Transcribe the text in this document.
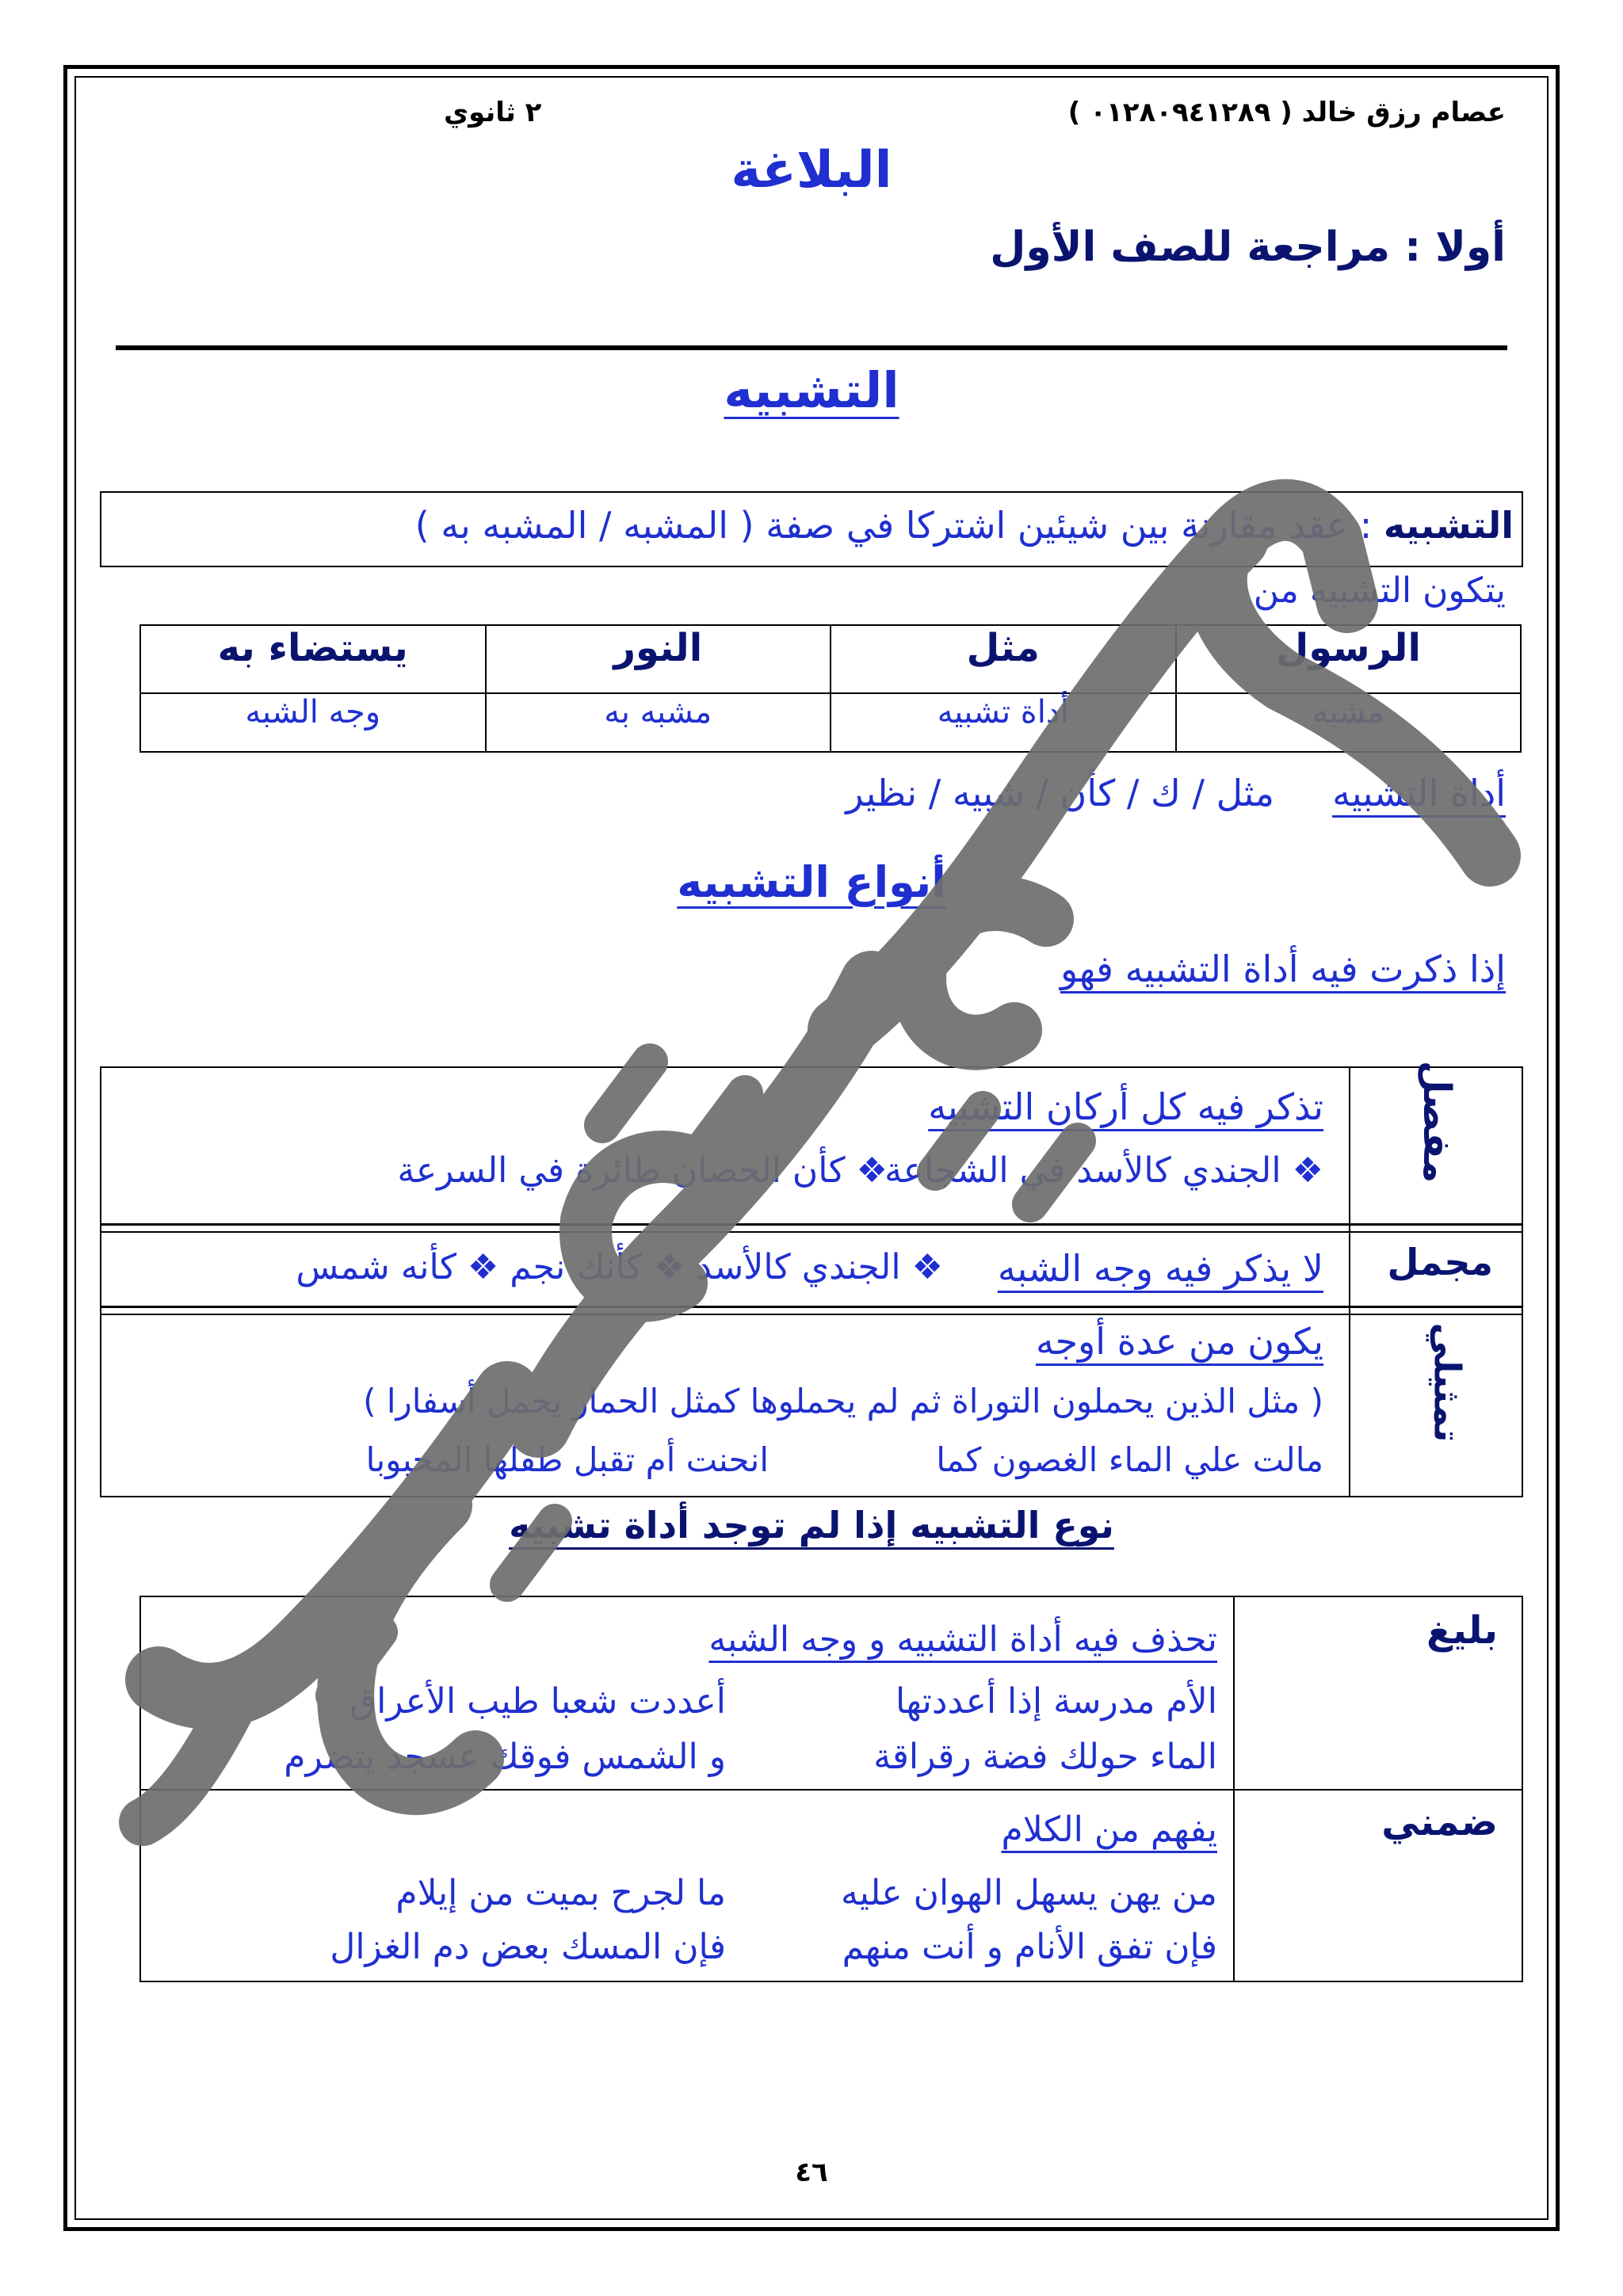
عصام رزق خالد ( ٠١٢٨٠٩٤١٢٨٩ )
٢ ثانوي
البلاغة
أولا : مراجعة للصف الأول
التشبيه
التشبيه : عقد مقارنة بين شيئين اشتركا في صفة ( المشبه / المشبه به )
يتكون التشبيه من
الرسول	مثل	النور	يستضاء به
مشبه	أداة تشبيه	مشبه به	وجه الشبه
أداة التشبيه
مثل / ك / كأن / شبيه / نظير
أنواع التشبيه
إذا ذكرت فيه أداة التشبيه فهو
مفصل
تذكر فيه كل أركان التشبيه
❖ الجندي كالأسد في الشجاعة
❖ كأن الحصان طائرة في السرعة
مجمل
لا يذكر فيه وجه الشبه
❖ الجندي كالأسد ❖ كأنك نجم ❖ كأنه شمس
تمثيلي
يكون من عدة أوجه
( مثل الذين يحملون التوراة ثم لم يحملوها كمثل الحمار يحمل أسفارا )
مالت علي الماء الغصون كما
انحنت أم تقبل طفلها المحبوبا
نوع التشبيه إذا لم توجد أداة تشبيه
بليغ
تحذف فيه أداة التشبيه و وجه الشبه
الأم مدرسة إذا أعددتها
أعددت شعبا طيب الأعراق
الماء حولك فضة رقراقة
و الشمس فوقك عسجد يتضرم
ضمني
يفهم من الكلام
من يهن يسهل الهوان عليه
ما لجرح بميت من إيلام
فإن تفق الأنام و أنت منهم
فإن المسك بعض دم الغزال
٤٦
